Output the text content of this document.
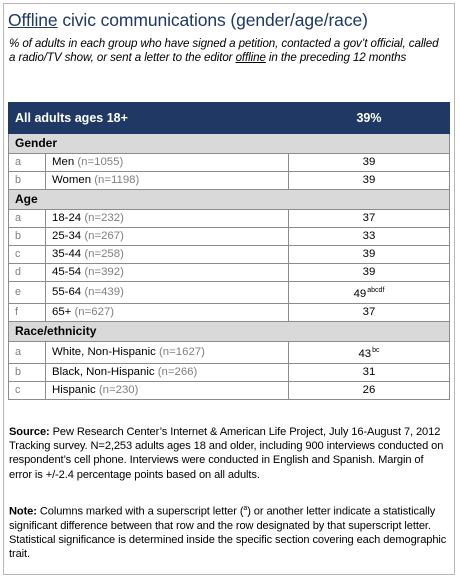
Offline civic communications (gender/age/race)
% of adults in each group who have signed a petition, contacted a gov’t official, called a radio/TV show, or sent a letter to the editor offline in the preceding 12 months
All adults ages 18+		39%
Gender		
a	Men (n=1055)	39
b	Women (n=1198)	39
Age		
a	18-24 (n=232)	37
b	25-34 (n=267)	33
c	35-44 (n=258)	39
d	45-54 (n=392)	39
e	55-64 (n=439)	$49^{abcdf}$
f	65+ (n=627)	37
Race/ethnicity		
a	White, Non-Hispanic (n=1627)	$43^{bc}$
b	Black, Non-Hispanic (n=266)	31
c	Hispanic (n=230)	26
Source: Pew Research Center’s Internet & American Life Project, July 16-August 7, 2012 Tracking survey. N=2,253 adults ages 18 and older, including 900 interviews conducted on respondent’s cell phone. Interviews were conducted in English and Spanish. Margin of error is +/-2.4 percentage points based on all adults.
Note: Columns marked with a superscript letter ($^a$) or another letter indicate a statistically significant difference between that row and the row designated by that superscript letter. Statistical significance is determined inside the specific section covering each demographic trait.
